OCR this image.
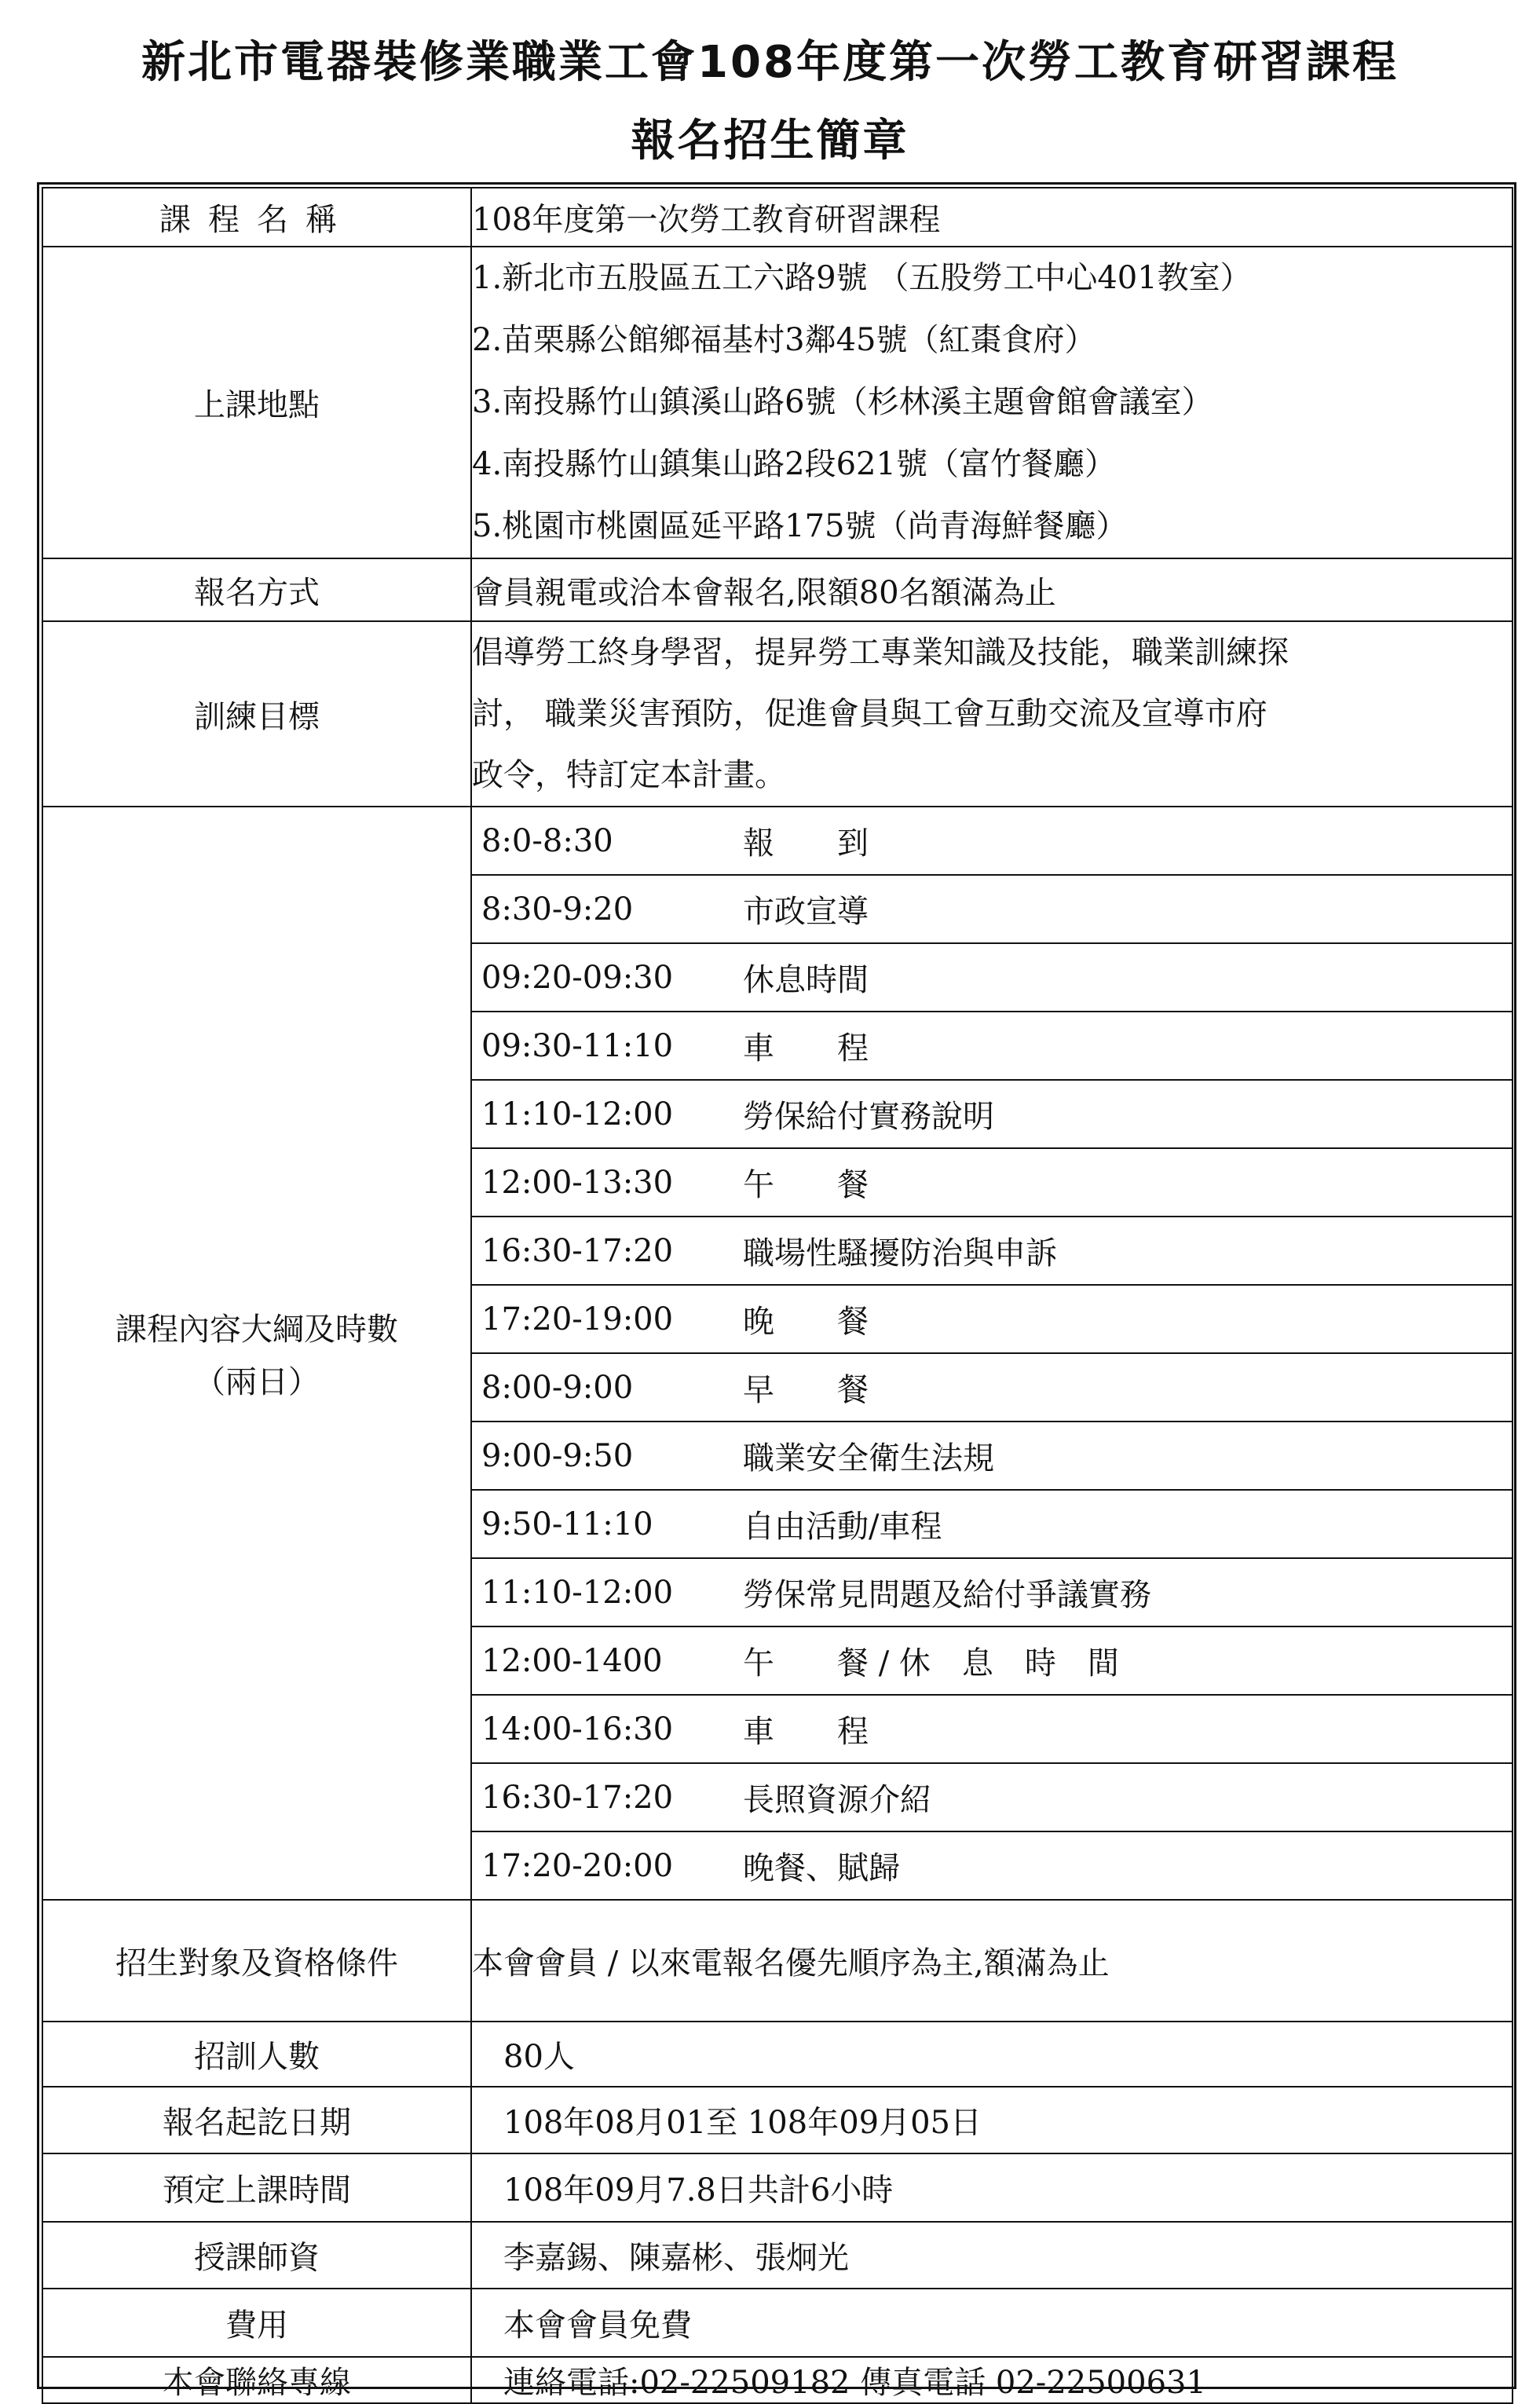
新北市電器裝修業職業工會108年度第一次勞工教育研習課程
報名招生簡章
課程名稱	108年度第一次勞工教育研習課程
上課地點	
1.新北市五股區五工六路9號 （五股勞工中心401教室）
2.苗栗縣公館鄉福基村3鄰45號（紅棗食府）
3.南投縣竹山鎮溪山路6號（杉林溪主題會館會議室）
4.南投縣竹山鎮集山路2段621號（富竹餐廳）
5.桃園市桃園區延平路175號（尚青海鮮餐廳）

報名方式	會員親電或洽本會報名,限額80名額滿為止
訓練目標	
倡導勞工終身學習，提昇勞工專業知識及技能，職業訓練探
討， 職業災害預防，促進會員與工會互動交流及宣導市府
政令，特訂定本計畫。

課程內容大綱及時數
（兩日）

8:0-8:30	報　　到
8:30-9:20	市政宣導
09:20-09:30	休息時間
09:30-11:10	車　　程
11:10-12:00	勞保給付實務說明
12:00-13:30	午　　餐
16:30-17:20	職場性騷擾防治與申訴
17:20-19:00	晚　　餐
8:00-9:00	早　　餐
9:00-9:50	職業安全衛生法規
9:50-11:10	自由活動/車程
11:10-12:00	勞保常見問題及給付爭議實務
12:00-1400	午　　餐 / 休　息　時　間
14:00-16:30	車　　程
16:30-17:20	長照資源介紹
17:20-20:00	晚餐、賦歸

招生對象及資格條件	本會會員 / 以來電報名優先順序為主,額滿為止
招訓人數	80人
報名起訖日期	108年08月01至 108年09月05日
預定上課時間	108年09月7.8日共計6小時
授課師資	李嘉錫、陳嘉彬、張炯光
費用	本會會員免費
本會聯絡專線	連絡電話:02-22509182 傳真電話 02-22500631
